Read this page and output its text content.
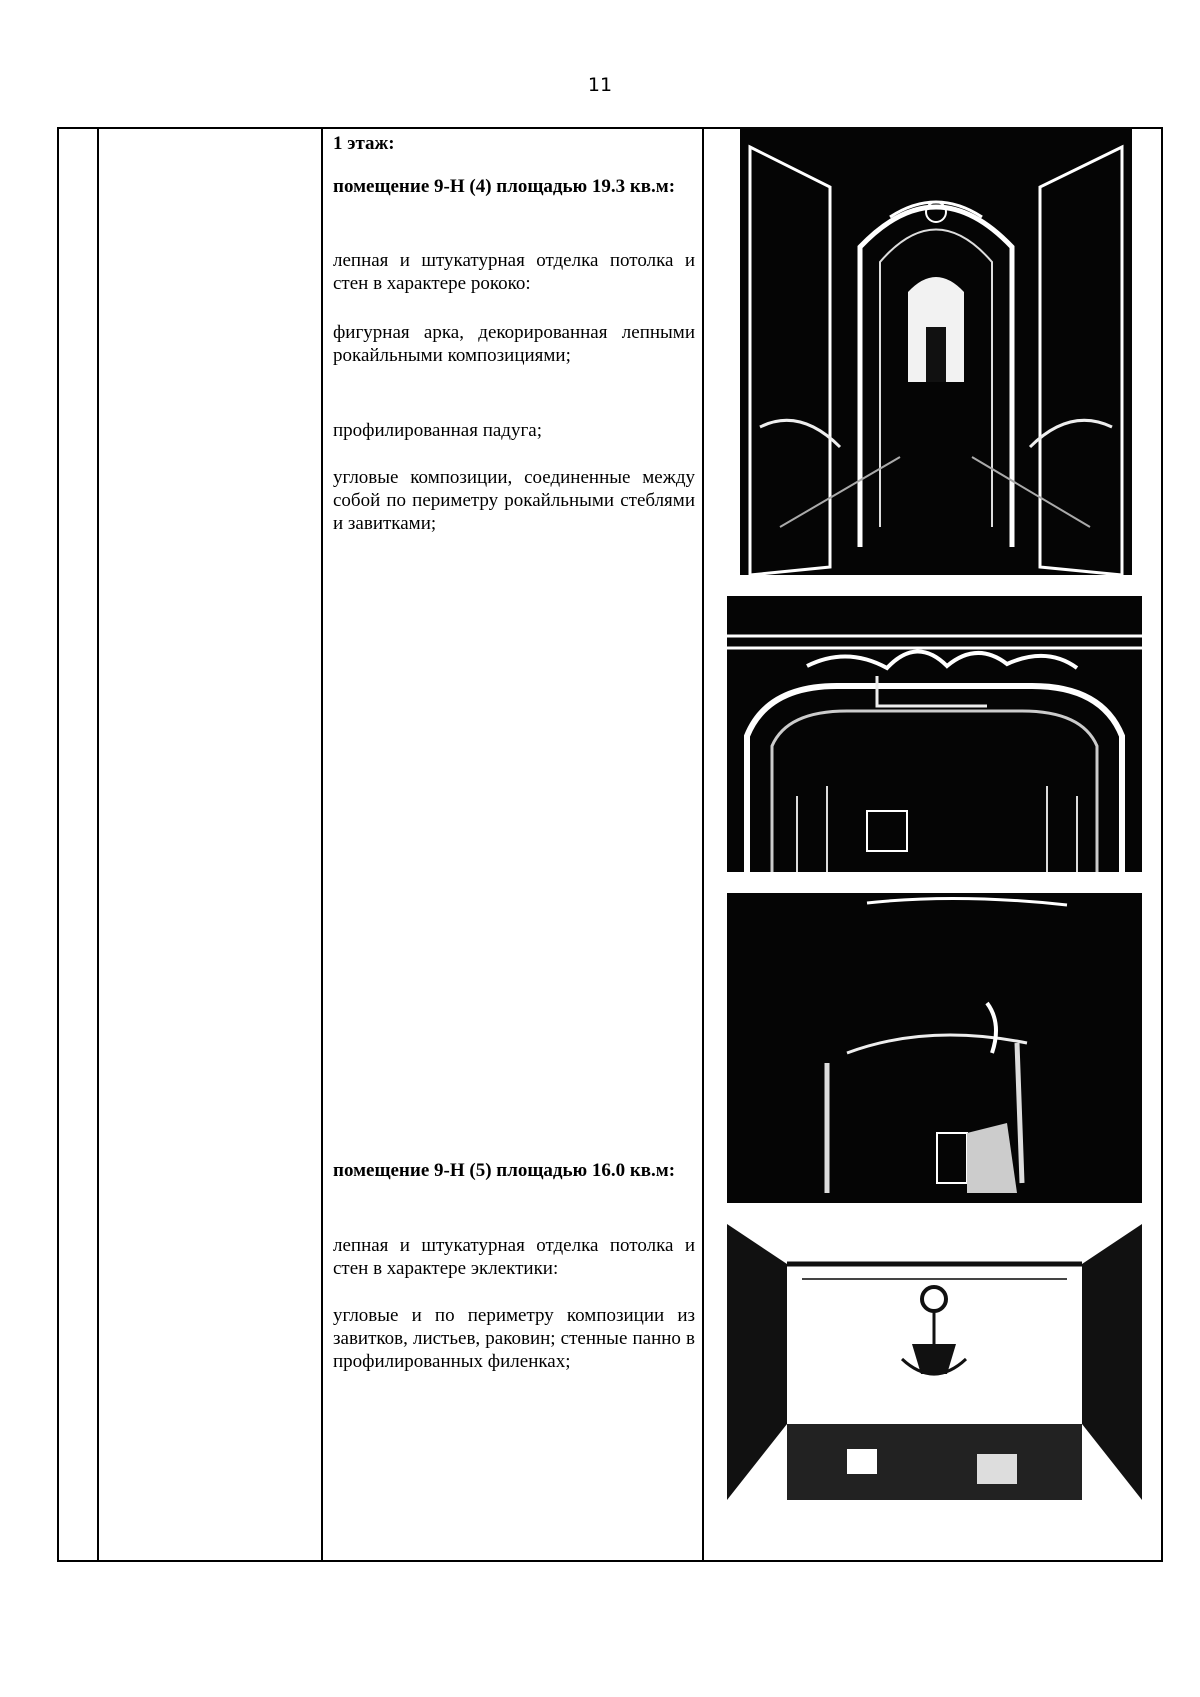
11

1 этаж:

помещение 9-Н (4) площадью 19.3 кв.м:

лепная и штукатурная отделка потолка и стен в характере рококо:

фигурная арка, декорированная лепными рокайльными композициями;

профилированная падуга;

угловые композиции, соединенные между собой по периметру рокайльными стеблями и завитками;

помещение 9-Н (5) площадью 16.0 кв.м:

лепная и штукатурная отделка потолка и стен в характере эклектики:

угловые и по периметру композиции из завитков, листьев, раковин; стенные панно в профилированных филенках;
